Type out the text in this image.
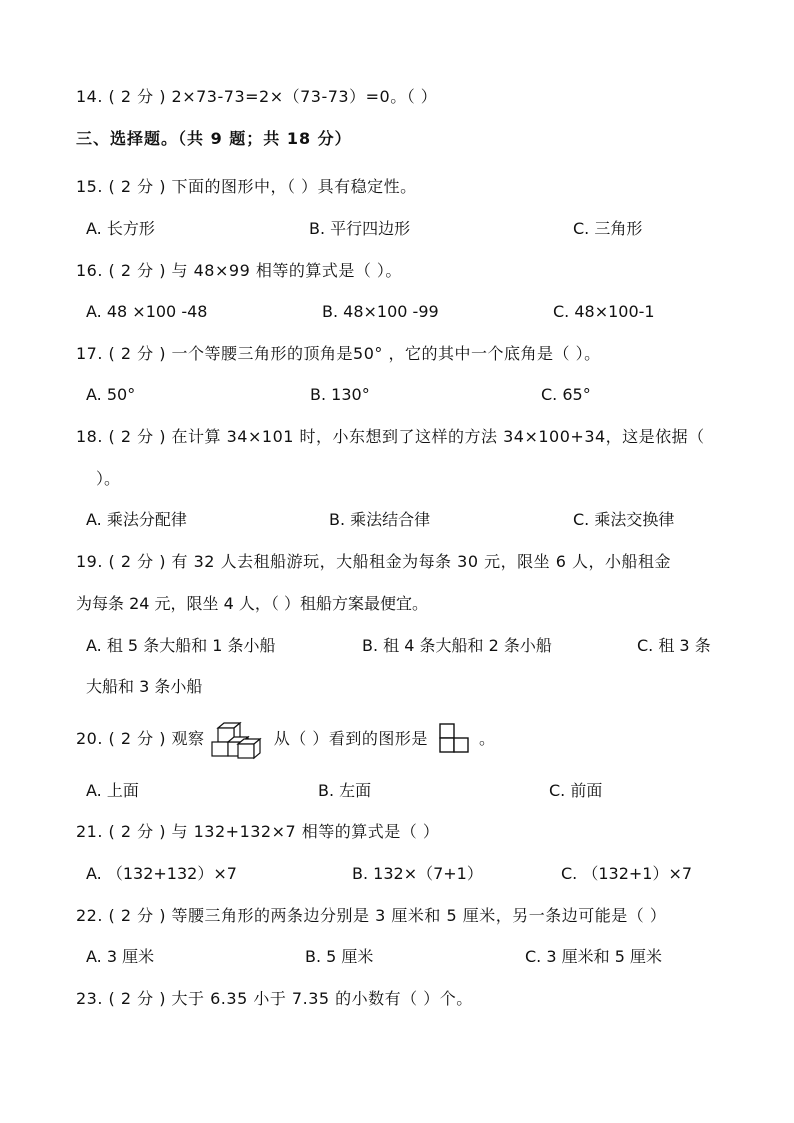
14. ( 2 分 ) 2×73-73=2×（73-73）=0。（ ）
三、选择题。（共 9 题；共 18 分）
15. ( 2 分 ) 下面的图形中，（ ）具有稳定性。
A. 长方形	B. 平行四边形	C. 三角形
16. ( 2 分 ) 与 48×99 相等的算式是（ ）。
A. 48 ×100 -48	B. 48×100 -99	C. 48×100-1
17. ( 2 分 ) 一个等腰三角形的顶角是50° ，它的其中一个底角是（ ）。
A. 50°	B. 130°	C. 65°
18. ( 2 分 ) 在计算 34×101 时，小东想到了这样的方法 34×100+34，这是依据（
）。
A. 乘法分配律	B. 乘法结合律	C. 乘法交换律
19. ( 2 分 ) 有 32 人去租船游玩，大船租金为每条 30 元，限坐 6 人，小船租金
为每条 24 元，限坐 4 人，（ ）租船方案最便宜。
A. 租 5 条大船和 1 条小船	B. 租 4 条大船和 2 条小船	C. 租 3 条
大船和 3 条小船
20. ( 2 分 ) 观察	从（ ）看到的图形是	。
A. 上面	B. 左面	C. 前面
21. ( 2 分 ) 与 132+132×7 相等的算式是（ ）
A. （132+132）×7	B. 132×（7+1）	C. （132+1）×7
22. ( 2 分 ) 等腰三角形的两条边分别是 3 厘米和 5 厘米，另一条边可能是（ ）
A. 3 厘米	B. 5 厘米	C. 3 厘米和 5 厘米
23. ( 2 分 ) 大于 6.35 小于 7.35 的小数有（ ）个。
